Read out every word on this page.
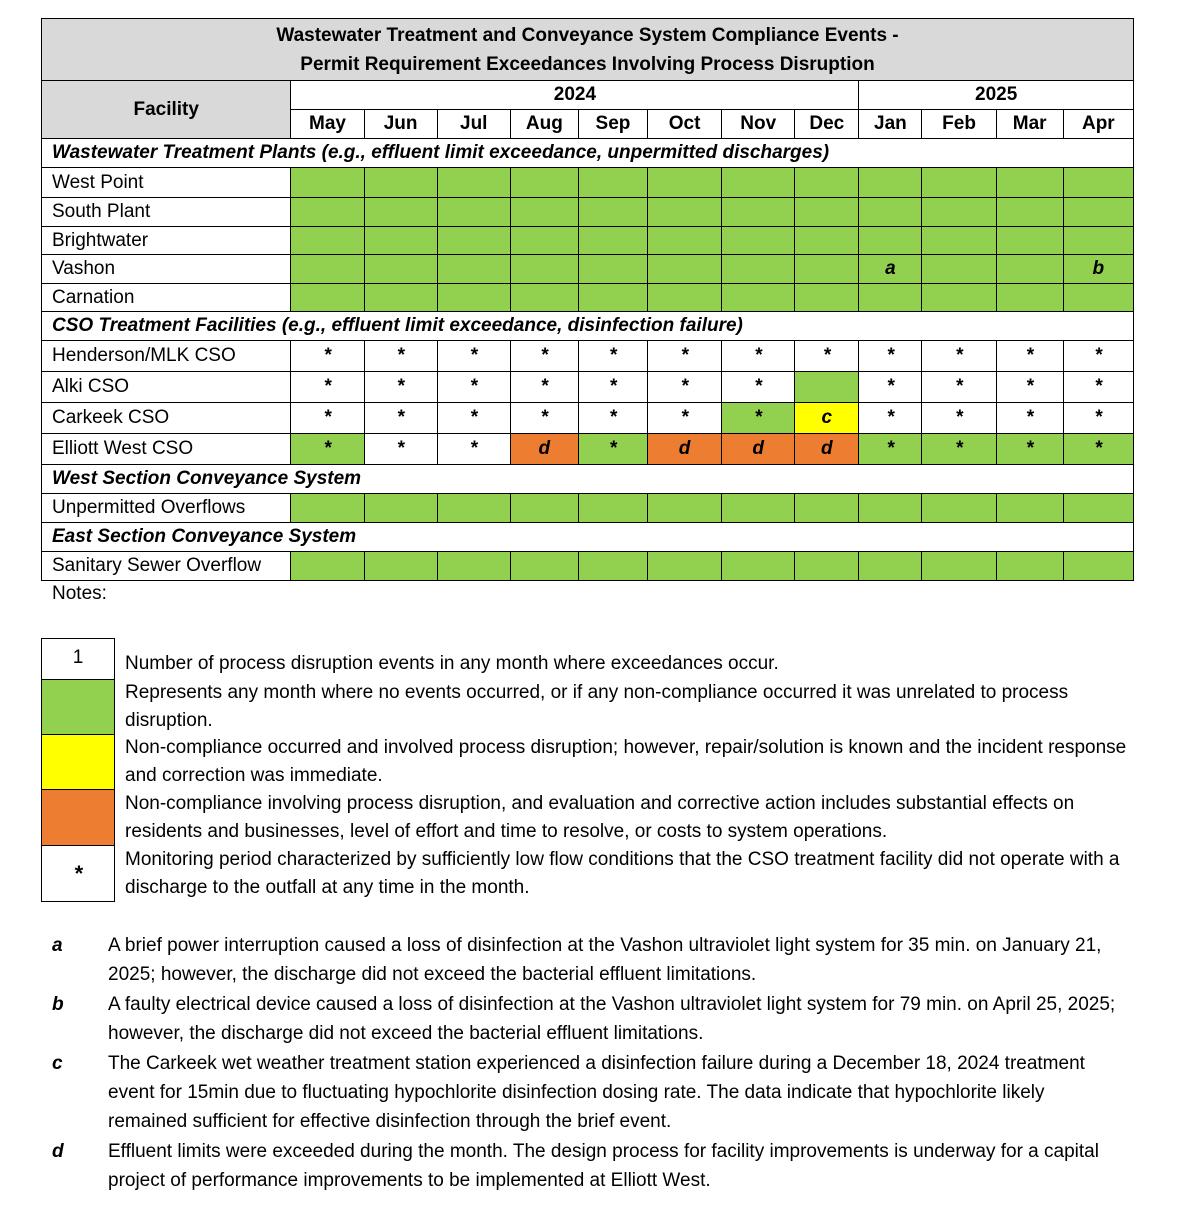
Wastewater Treatment and Conveyance System Compliance Events -
Permit Requirement Exceedances Involving Process Disruption												

Facility	2024								2025			
	May	Jun	Jul	Aug	Sep	Oct	Nov	Dec	Jan	Feb	Mar	Apr
Wastewater Treatment Plants (e.g., effluent limit exceedance, unpermitted discharges)												
West Point												
South Plant												
Brightwater												
Vashon									a			b
Carnation												
CSO Treatment Facilities (e.g., effluent limit exceedance, disinfection failure)												
Henderson/MLK CSO	*	*	*	*	*	*	*	*	*	*	*	*
Alki CSO	*	*	*	*	*	*	*		*	*	*	*
Carkeek CSO	*	*	*	*	*	*	*	c	*	*	*	*
Elliott West CSO	*	*	*	d	*	d	d	d	*	*	*	*
West Section Conveyance System												
Unpermitted Overflows												
East Section Conveyance System												
Sanitary Sewer Overflow												
Notes:
1	Number of process disruption events in any month where exceedances occur.
Represents any month where no events occurred, or if any non-compliance occurred it was unrelated to process disruption.
Non-compliance occurred and involved process disruption; however, repair/solution is known and the incident response and correction was immediate.
Non-compliance involving process disruption, and evaluation and corrective action includes substantial effects on residents and businesses, level of effort and time to resolve, or costs to system operations.
*
Monitoring period characterized by sufficiently low flow conditions that the CSO treatment facility did not operate with a discharge to the outfall at any time in the month.
a A brief power interruption caused a loss of disinfection at the Vashon ultraviolet light system for 35 min. on January 21, 2025; however, the discharge did not exceed the bacterial effluent limitations.
b A faulty electrical device caused a loss of disinfection at the Vashon ultraviolet light system for 79 min. on April 25, 2025; however, the discharge did not exceed the bacterial effluent limitations.
c The Carkeek wet weather treatment station experienced a disinfection failure during a December 18, 2024 treatment event for 15min due to fluctuating hypochlorite disinfection dosing rate. The data indicate that hypochlorite likely remained sufficient for effective disinfection through the brief event.
d Effluent limits were exceeded during the month. The design process for facility improvements is underway for a capital project of performance improvements to be implemented at Elliott West.
